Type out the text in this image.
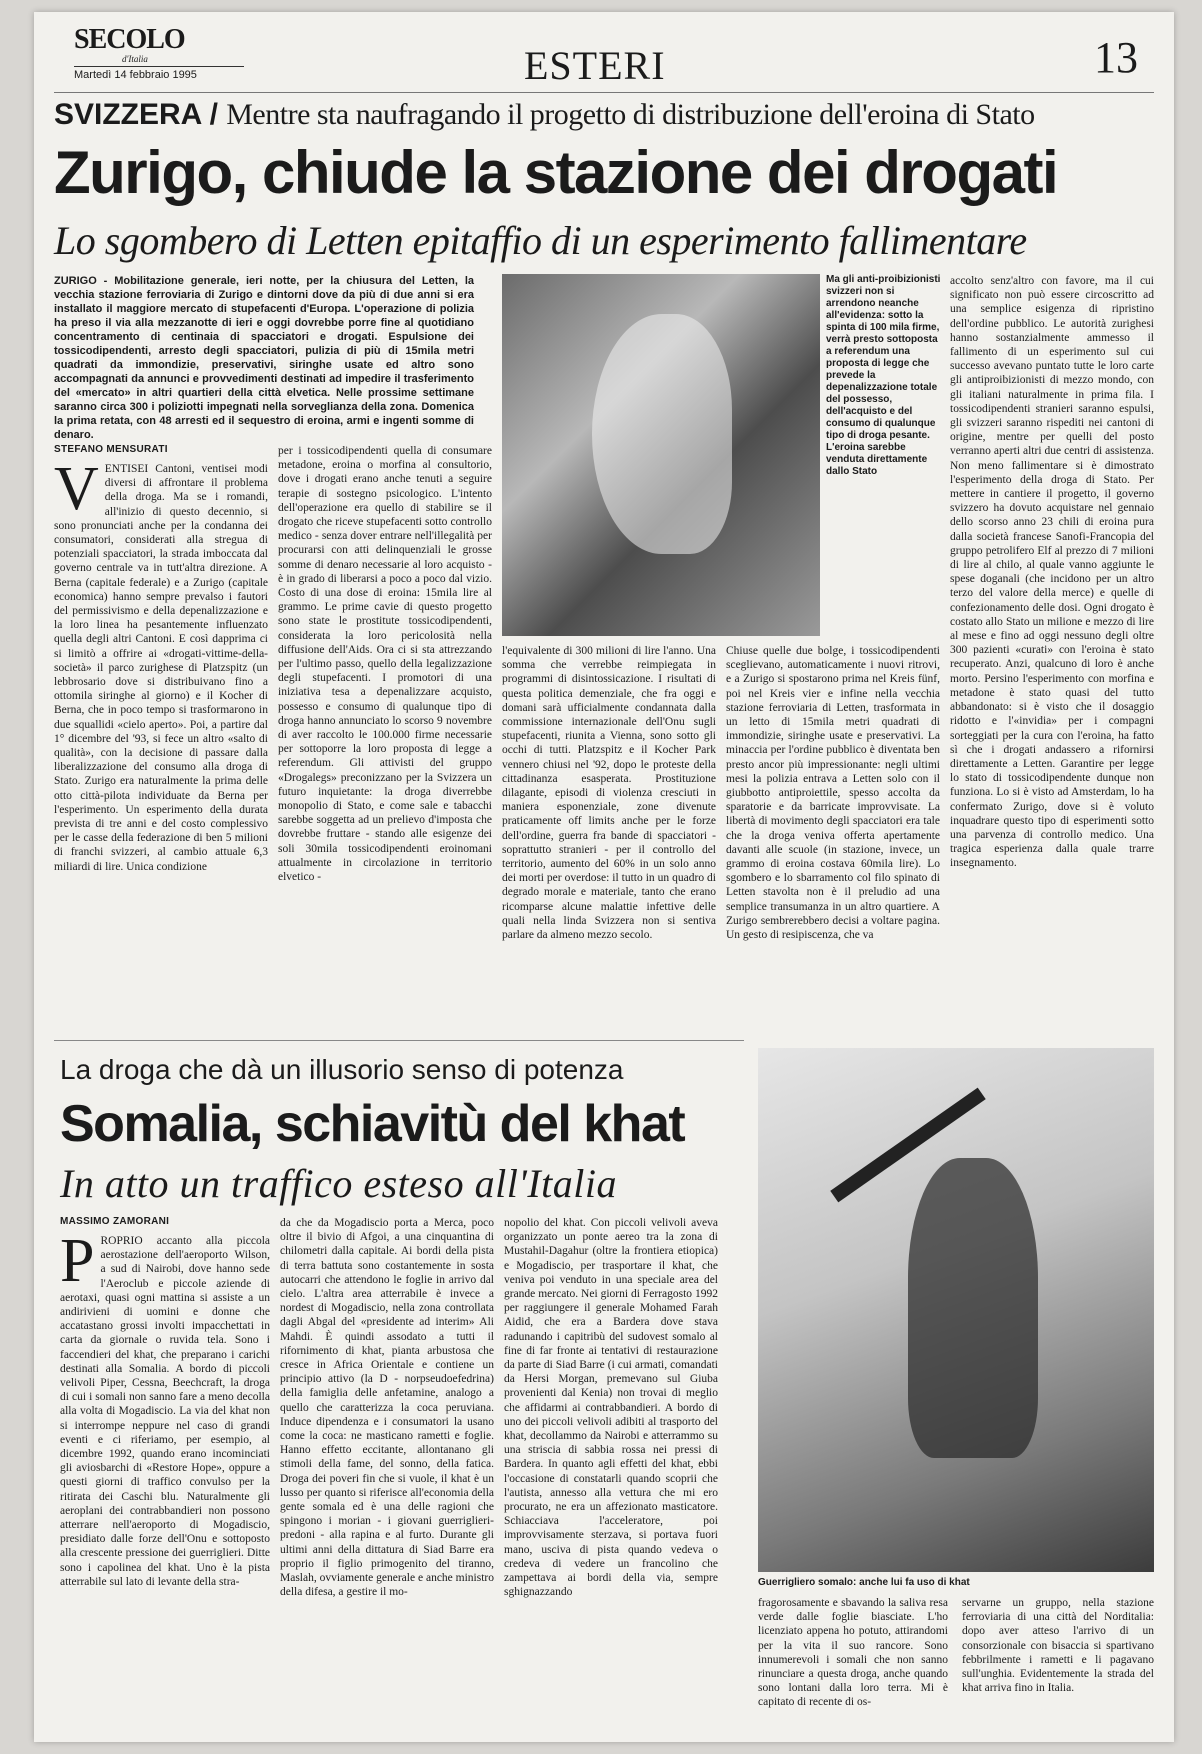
SECOLO
d'Italia
Martedì 14 febbraio 1995	ESTERI	13
SVIZZERA / Mentre sta naufragando il progetto di distribuzione dell'eroina di Stato
Zurigo, chiude la stazione dei drogati
Lo sgombero di Letten epitaffio di un esperimento fallimentare
ZURIGO - Mobilitazione generale, ieri notte, per la chiusura del Letten, la vecchia stazione ferroviaria di Zurigo e dintorni dove da più di due anni si era installato il maggiore mercato di stupefacenti d'Europa. L'operazione di polizia ha preso il via alla mezzanotte di ieri e oggi dovrebbe porre fine al quotidiano concentramento di centinaia di spacciatori e drogati. Espulsione dei tossicodipendenti, arresto degli spacciatori, pulizia di più di 15mila metri quadrati da immondizie, preservativi, siringhe usate ed altro sono accompagnati da annunci e provvedimenti destinati ad impedire il trasferimento del «mercato» in altri quartieri della città elvetica. Nelle prossime settimane saranno circa 300 i poliziotti impegnati nella sorveglianza della zona. Domenica la prima retata, con 48 arresti ed il sequestro di eroina, armi e ingenti somme di denaro.
STEFANO MENSURATI
V ENTISEI Cantoni, ventisei modi diversi di affrontare il problema della droga. Ma se i romandi, all'inizio di questo decennio, si sono pronunciati anche per la condanna dei consumatori, considerati alla stregua di potenziali spacciatori, la strada imboccata dal governo centrale va in tutt'altra direzione. A Berna (capitale federale) e a Zurigo (capitale economica) hanno sempre prevalso i fautori del permissivismo e della depenalizzazione e la loro linea ha pesantemente influenzato quella degli altri Cantoni. E così dapprima ci si limitò a offrire ai «drogati-vittime-della-società» il parco zurighese di Platzspitz (un lebbrosario dove si distribuivano fino a ottomila siringhe al giorno) e il Kocher di Berna, che in poco tempo si trasformarono in due squallidi «cielo aperto». Poi, a partire dal 1° dicembre del '93, si fece un altro «salto di qualità», con la decisione di passare dalla liberalizzazione del consumo alla droga di Stato. Zurigo era naturalmente la prima delle otto città-pilota individuate da Berna per l'esperimento. Un esperimento della durata prevista di tre anni e del costo complessivo per le casse della federazione di ben 5 milioni di franchi svizzeri, al cambio attuale 6,3 miliardi di lire. Unica condizione
per i tossicodipendenti quella di consumare metadone, eroina o morfina al consultorio, dove i drogati erano anche tenuti a seguire terapie di sostegno psicologico. L'intento dell'operazione era quello di stabilire se il drogato che riceve stupefacenti sotto controllo medico - senza dover entrare nell'illegalità per procurarsi con atti delinquenziali le grosse somme di denaro necessarie al loro acquisto - è in grado di liberarsi a poco a poco dal vizio. Costo di una dose di eroina: 15mila lire al grammo. Le prime cavie di questo progetto sono state le prostitute tossicodipendenti, considerata la loro pericolosità nella diffusione dell'Aids. Ora ci si sta attrezzando per l'ultimo passo, quello della legalizzazione degli stupefacenti. I promotori di una iniziativa tesa a depenalizzare acquisto, possesso e consumo di qualunque tipo di droga hanno annunciato lo scorso 9 novembre di aver raccolto le 100.000 firme necessarie per sottoporre la loro proposta di legge a referendum. Gli attivisti del gruppo «Drogalegs» preconizzano per la Svizzera un futuro inquietante: la droga diverrebbe monopolio di Stato, e come sale e tabacchi sarebbe soggetta ad un prelievo d'imposta che dovrebbe fruttare - stando alle esigenze dei soli 30mila tossicodipendenti eroinomani attualmente in circolazione in territorio elvetico -
Ma gli anti-proibizionisti svizzeri non si arrendono neanche all'evidenza: sotto la spinta di 100 mila firme, verrà presto sottoposta a referendum una proposta di legge che prevede la depenalizzazione totale del possesso, dell'acquisto e del consumo di qualunque tipo di droga pesante. L'eroina sarebbe venduta direttamente dallo Stato
l'equivalente di 300 milioni di lire l'anno. Una somma che verrebbe reimpiegata in programmi di disintossicazione. I risultati di questa politica demenziale, che fra oggi e domani sarà ufficialmente condannata dalla commissione internazionale dell'Onu sugli stupefacenti, riunita a Vienna, sono sotto gli occhi di tutti. Platzspitz e il Kocher Park vennero chiusi nel '92, dopo le proteste della cittadinanza esasperata. Prostituzione dilagante, episodi di violenza cresciuti in maniera esponenziale, zone divenute praticamente off limits anche per le forze dell'ordine, guerra fra bande di spacciatori - soprattutto stranieri - per il controllo del territorio, aumento del 60% in un solo anno dei morti per overdose: il tutto in un quadro di degrado morale e materiale, tanto che erano ricomparse alcune malattie infettive delle quali nella linda Svizzera non si sentiva parlare da almeno mezzo secolo.
Chiuse quelle due bolge, i tossicodipendenti sceglievano, automaticamente i nuovi ritrovi, e a Zurigo si spostarono prima nel Kreis fünf, poi nel Kreis vier e infine nella vecchia stazione ferroviaria di Letten, trasformata in un letto di 15mila metri quadrati di immondizie, siringhe usate e preservativi. La minaccia per l'ordine pubblico è diventata ben presto ancor più impressionante: negli ultimi mesi la polizia entrava a Letten solo con il giubbotto antiproiettile, spesso accolta da sparatorie e da barricate improvvisate. La libertà di movimento degli spacciatori era tale che la droga veniva offerta apertamente davanti alle scuole (in stazione, invece, un grammo di eroina costava 60mila lire). Lo sgombero e lo sbarramento col filo spinato di Letten stavolta non è il preludio ad una semplice transumanza in un altro quartiere. A Zurigo sembrerebbero decisi a voltare pagina. Un gesto di resipiscenza, che va
accolto senz'altro con favore, ma il cui significato non può essere circoscritto ad una semplice esigenza di ripristino dell'ordine pubblico. Le autorità zurighesi hanno sostanzialmente ammesso il fallimento di un esperimento sul cui successo avevano puntato tutte le loro carte gli antiproibizionisti di mezzo mondo, con gli italiani naturalmente in prima fila. I tossicodipendenti stranieri saranno espulsi, gli svizzeri saranno rispediti nei cantoni di origine, mentre per quelli del posto verranno aperti altri due centri di assistenza. Non meno fallimentare si è dimostrato l'esperimento della droga di Stato. Per mettere in cantiere il progetto, il governo svizzero ha dovuto acquistare nel gennaio dello scorso anno 23 chili di eroina pura dalla società francese Sanofi-Francopia del gruppo petrolifero Elf al prezzo di 7 milioni di lire al chilo, al quale vanno aggiunte le spese doganali (che incidono per un altro terzo del valore della merce) e quelle di confezionamento delle dosi. Ogni drogato è costato allo Stato un milione e mezzo di lire al mese e fino ad oggi nessuno degli oltre 300 pazienti «curati» con l'eroina è stato recuperato. Anzi, qualcuno di loro è anche morto. Persino l'esperimento con morfina e metadone è stato quasi del tutto abbandonato: si è visto che il dosaggio ridotto e l'«invidia» per i compagni sorteggiati per la cura con l'eroina, ha fatto sì che i drogati andassero a rifornirsi direttamente a Letten. Garantire per legge lo stato di tossicodipendente dunque non funziona. Lo si è visto ad Amsterdam, lo ha confermato Zurigo, dove si è voluto inquadrare questo tipo di esperimenti sotto una parvenza di controllo medico. Una tragica esperienza dalla quale trarre insegnamento.
La droga che dà un illusorio senso di potenza
Somalia, schiavitù del khat
In atto un traffico esteso all'Italia
MASSIMO ZAMORANI
P ROPRIO accanto alla piccola aerostazione dell'aeroporto Wilson, a sud di Nairobi, dove hanno sede l'Aeroclub e piccole aziende di aerotaxi, quasi ogni mattina si assiste a un andirivieni di uomini e donne che accatastano grossi involti impacchettati in carta da giornale o ruvida tela. Sono i faccendieri del khat, che preparano i carichi destinati alla Somalia. A bordo di piccoli velivoli Piper, Cessna, Beechcraft, la droga di cui i somali non sanno fare a meno decolla alla volta di Mogadiscio. La via del khat non si interrompe neppure nel caso di grandi eventi e ci riferiamo, per esempio, al dicembre 1992, quando erano incominciati gli aviosbarchi di «Restore Hope», oppure a questi giorni di traffico convulso per la ritirata dei Caschi blu. Naturalmente gli aeroplani dei contrabbandieri non possono atterrare nell'aeroporto di Mogadiscio, presidiato dalle forze dell'Onu e sottoposto alla crescente pressione dei guerriglieri. Ditte sono i capolinea del khat. Uno è la pista atterrabile sul lato di levante della stra-
da che da Mogadiscio porta a Merca, poco oltre il bivio di Afgoi, a una cinquantina di chilometri dalla capitale. Ai bordi della pista di terra battuta sono costantemente in sosta autocarri che attendono le foglie in arrivo dal cielo. L'altra area atterrabile è invece a nordest di Mogadiscio, nella zona controllata dagli Abgal del «presidente ad interim» Ali Mahdi. È quindi assodato a tutti il rifornimento di khat, pianta arbustosa che cresce in Africa Orientale e contiene un principio attivo (la D - norpseudoefedrina) della famiglia delle anfetamine, analogo a quello che caratterizza la coca peruviana. Induce dipendenza e i consumatori la usano come la coca: ne masticano rametti e foglie. Hanno effetto eccitante, allontanano gli stimoli della fame, del sonno, della fatica. Droga dei poveri fin che si vuole, il khat è un lusso per quanto si riferisce all'economia della gente somala ed è una delle ragioni che spingono i morian - i giovani guerriglieri-predoni - alla rapina e al furto. Durante gli ultimi anni della dittatura di Siad Barre era proprio il figlio primogenito del tiranno, Maslah, ovviamente generale e anche ministro della difesa, a gestire il mo-
nopolio del khat. Con piccoli velivoli aveva organizzato un ponte aereo tra la zona di Mustahil-Dagahur (oltre la frontiera etiopica) e Mogadiscio, per trasportare il khat, che veniva poi venduto in una speciale area del grande mercato. Nei giorni di Ferragosto 1992 per raggiungere il generale Mohamed Farah Aidid, che era a Bardera dove stava radunando i capitribù del sudovest somalo al fine di far fronte ai tentativi di restaurazione da parte di Siad Barre (i cui armati, comandati da Hersi Morgan, premevano sul Giuba provenienti dal Kenia) non trovai di meglio che affidarmi ai contrabbandieri. A bordo di uno dei piccoli velivoli adibiti al trasporto del khat, decollammo da Nairobi e atterrammo su una striscia di sabbia rossa nei pressi di Bardera. In quanto agli effetti del khat, ebbi l'occasione di constatarli quando scoprii che l'autista, annesso alla vettura che mi ero procurato, ne era un affezionato masticatore. Schiacciava l'acceleratore, poi improvvisamente sterzava, si portava fuori mano, usciva di pista quando vedeva o credeva di vedere un francolino che zampettava ai bordi della via, sempre sghignazzando
Guerrigliero somalo: anche lui fa uso di khat
fragorosamente e sbavando la saliva resa verde dalle foglie biasciate. L'ho licenziato appena ho potuto, attirandomi per la vita il suo rancore. Sono innumerevoli i somali che non sanno rinunciare a questa droga, anche quando sono lontani dalla loro terra. Mi è capitato di recente di os-
servarne un gruppo, nella stazione ferroviaria di una città del Norditalia: dopo aver atteso l'arrivo di un consorzionale con bisaccia si spartivano febbrilmente i rametti e li pagavano sull'unghia. Evidentemente la strada del khat arriva fino in Italia.
